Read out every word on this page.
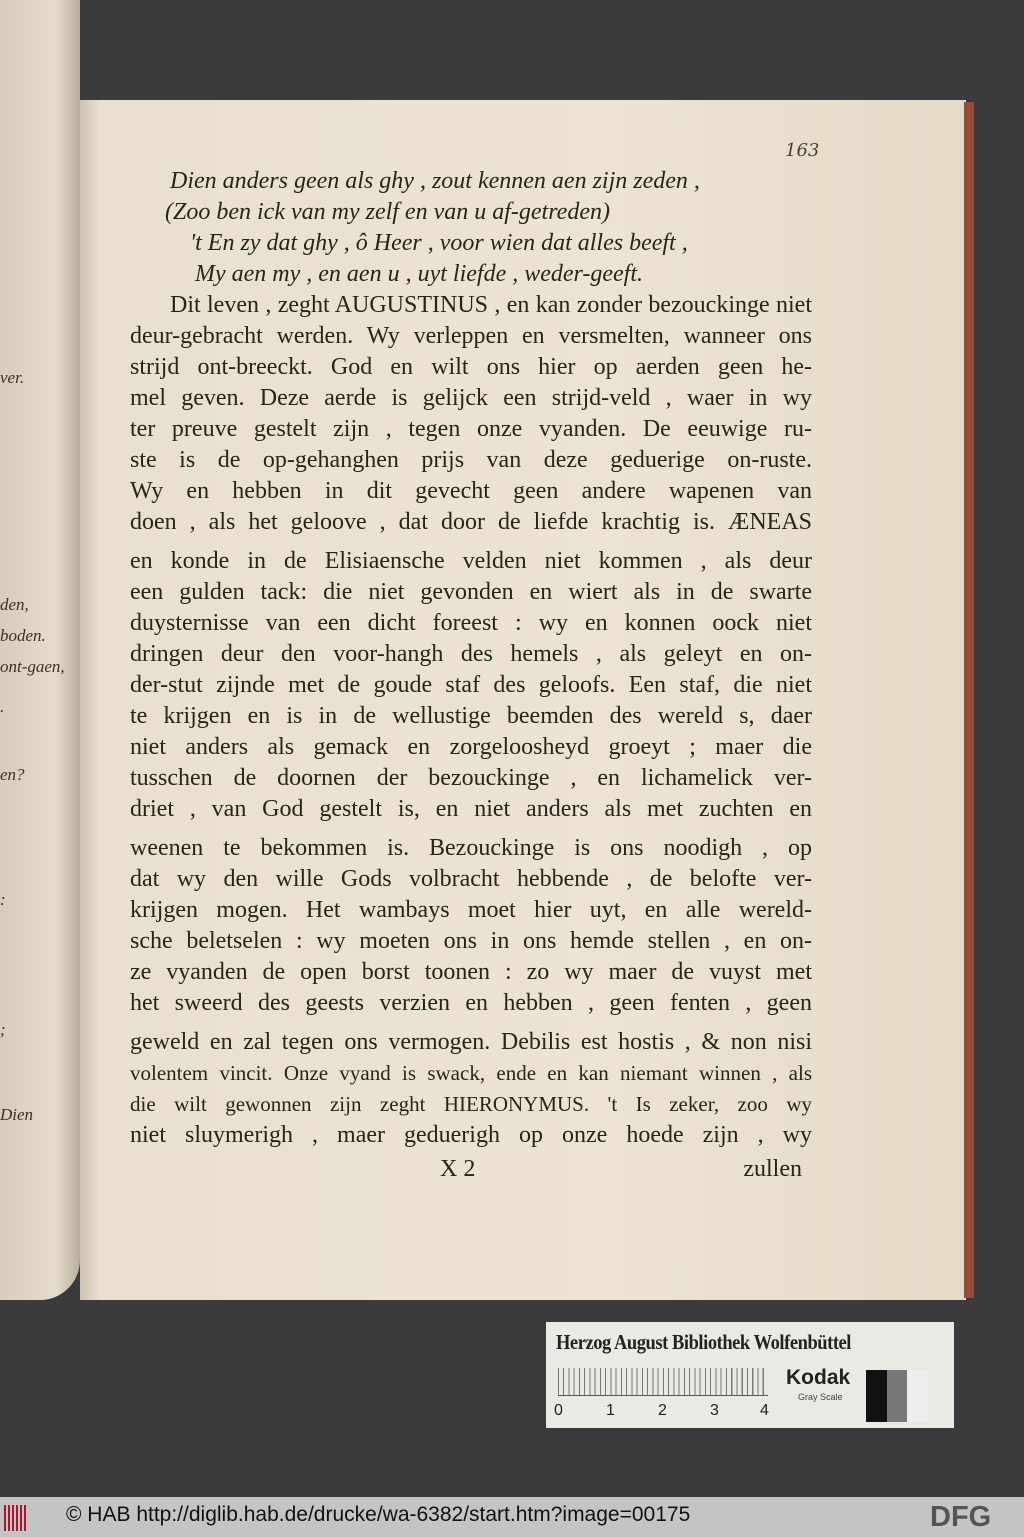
ver.
den,
boden.
ont-gaen,
.
en?
:
;
Dien
163
Dien anders geen als ghy , zout kennen aen zijn zeden ,
(Zoo ben ick van my zelf en van u af-getreden)
't En zy dat ghy , ô Heer , voor wien dat alles beeft ,
My aen my , en aen u , uyt liefde , weder-geeft.
Dit leven , zeght AUGUSTINUS , en kan zonder bezouckinge niet
deur-gebracht werden. Wy verleppen en versmelten, wanneer ons
strijd ont-breeckt. God en wilt ons hier op aerden geen he-
mel geven. Deze aerde is gelijck een strijd-veld , waer in wy
ter preuve gestelt zijn , tegen onze vyanden. De eeuwige ru-
ste is de op-gehanghen prijs van deze geduerige on-ruste.
Wy en hebben in dit gevecht geen andere wapenen van
doen , als het geloove , dat door de liefde krachtig is. ÆNEAS
en konde in de Elisiaensche velden niet kommen , als deur
een gulden tack: die niet gevonden en wiert als in de swarte
duysternisse van een dicht foreest : wy en konnen oock niet
dringen deur den voor-hangh des hemels , als geleyt en on-
der-stut zijnde met de goude staf des geloofs. Een staf, die niet
te krijgen en is in de wellustige beemden des wereld s, daer
niet anders als gemack en zorgeloosheyd groeyt ; maer die
tusschen de doornen der bezouckinge , en lichamelick ver-
driet , van God gestelt is, en niet anders als met zuchten en
weenen te bekommen is. Bezouckinge is ons noodigh , op
dat wy den wille Gods volbracht hebbende , de belofte ver-
krijgen mogen. Het wambays moet hier uyt, en alle wereld-
sche beletselen : wy moeten ons in ons hemde stellen , en on-
ze vyanden de open borst toonen : zo wy maer de vuyst met
het sweerd des geests verzien en hebben , geen fenten , geen
geweld en zal tegen ons vermogen. Debilis est hostis , & non nisi
volentem vincit. Onze vyand is swack, ende en kan niemant winnen , als
die wilt gewonnen zijn zeght HIERONYMUS. 't Is zeker, zoo wy
niet sluymerigh , maer geduerigh op onze hoede zijn , wy
X 2	zullen
Herzog August Bibliothek Wolfenbüttel
0	1	2	3	4
Kodak
Gray Scale
© HAB http://diglib.hab.de/drucke/wa-6382/start.htm?image=00175	DFG
